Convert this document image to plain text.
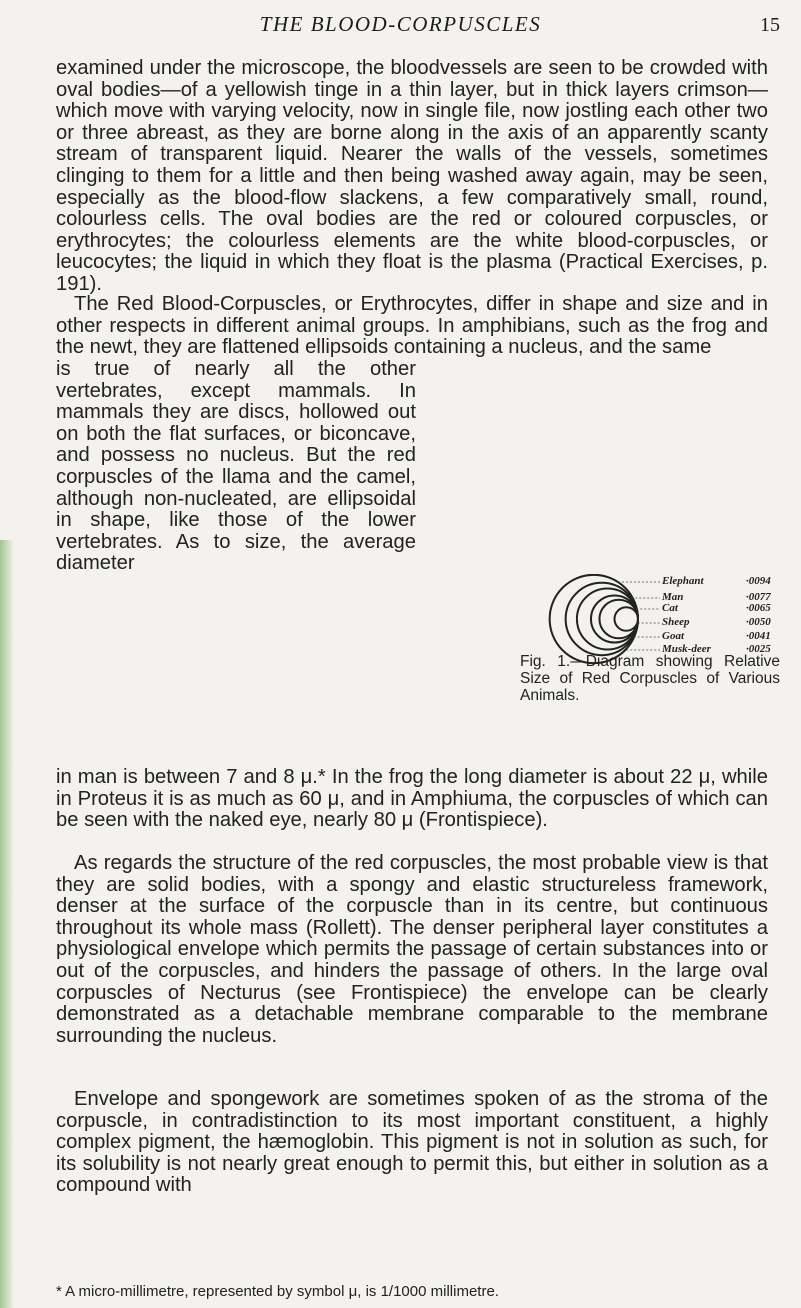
THE BLOOD-CORPUSCLES	15

examined under the microscope, the bloodvessels are seen to be crowded with oval bodies—of a yellowish tinge in a thin layer, but in thick layers crimson—which move with varying velocity, now in single file, now jostling each other two or three abreast, as they are borne along in the axis of an apparently scanty stream of transparent liquid. Nearer the walls of the vessels, sometimes clinging to them for a little and then being washed away again, may be seen, especially as the blood-flow slackens, a few comparatively small, round, colourless cells. The oval bodies are the red or coloured corpuscles, or erythrocytes; the colourless elements are the white blood-corpuscles, or leucocytes; the liquid in which they float is the plasma (Practical Exercises, p. 191).

The Red Blood-Corpuscles, or Erythrocytes, differ in shape and size and in other respects in different animal groups. In amphibians, such as the frog and the newt, they are flattened ellipsoids containing a nucleus, and the same

is true of nearly all the other vertebrates, except mammals. In mammals they are discs, hollowed out on both the flat surfaces, or biconcave, and possess no nucleus. But the red corpuscles of the llama and the camel, although non-nucleated, are ellipsoidal in shape, like those of the lower vertebrates. As to size, the average diameter

in man is between 7 and 8 μ.* In the frog the long diameter is about 22 μ, while in Proteus it is as much as 60 μ, and in Amphiuma, the corpuscles of which can be seen with the naked eye, nearly 80 μ (Frontispiece).

As regards the structure of the red corpuscles, the most probable view is that they are solid bodies, with a spongy and elastic structureless framework, denser at the surface of the corpuscle than in its centre, but continuous throughout its whole mass (Rollett). The denser peripheral layer constitutes a physiological envelope which permits the passage of certain substances into or out of the corpuscles, and hinders the passage of others. In the large oval corpuscles of Necturus (see Frontispiece) the envelope can be clearly demonstrated as a detachable membrane comparable to the membrane surrounding the nucleus.

Envelope and spongework are sometimes spoken of as the stroma of the corpuscle, in contradistinction to its most important constituent, a highly complex pigment, the hæmoglobin. This pigment is not in solution as such, for its solubility is not nearly great enough to permit this, but either in solution as a compound with

Elephant	·0094
Man	·0077
Cat	·0065
Sheep	·0050
Goat	·0041
Musk-deer	·0025
Fig. 1.—Diagram showing Relative Size of Red Corpuscles of Various Animals.
* A micro-millimetre, represented by symbol μ, is 1/1000 millimetre.
